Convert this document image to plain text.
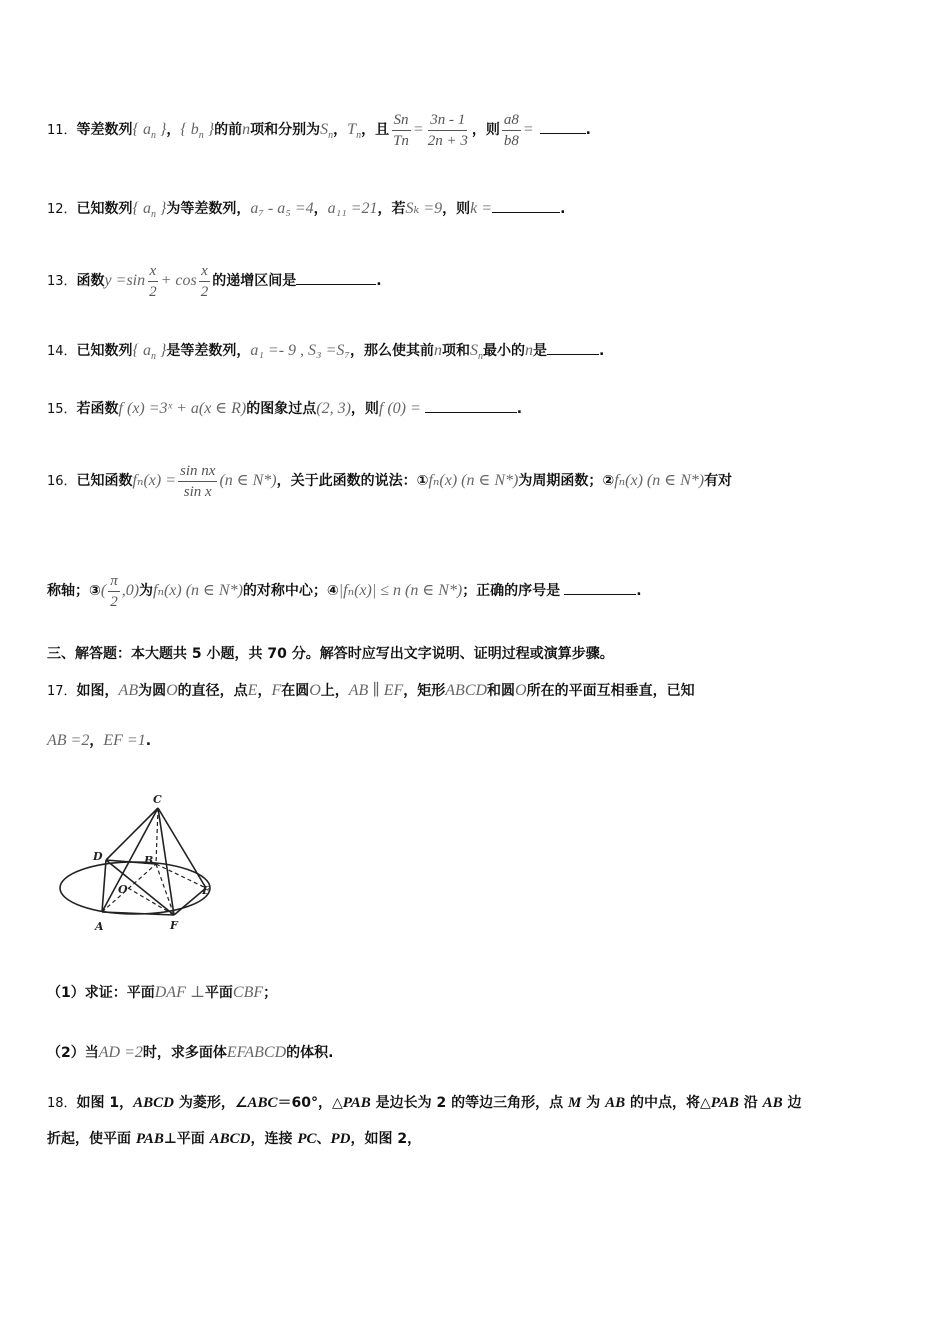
11．等差数列{ $a_n$ }，{ $b_n$ }的前n项和分别为$S_n$，$T_n$，且 $\frac{Sn}{Tn} = \frac{3n - 1}{2n + 3}$ ，则 $\frac{a8}{b8}$ =	.
12．已知数列{ $a_n$ }为等差数列，a₇ - a₅ =4，a₁₁ =21，若Sₖ =9，则k =	.
13．函数$y =\sin \frac{x}{2} + \cos \frac{x}{2}$ 的递增区间是	.
14．已知数列{ $a_n$ }是等差数列，a₁ =- 9 , S₃ =S₇，那么使其前n项和$S_n$最小的n是	.
15．若函数f (x) =3ˣ + a(x ∈ R)的图象过点(2, 3)，则f (0) =	.
16．已知函数$f_n(x) = \frac{\text{sin nx}}{\text{sin x}} (n$ ∈ N*)，关于此函数的说法：①fₙ(x) (n ∈ N*)为周期函数；②fₙ(x) (n ∈ N*)有对
称轴；③( $\frac{\pi}{2} ,0$)为fₙ(x) (n ∈ N*)的对称中心；④|fₙ(x)| ≤ n (n ∈ N*)；正确的序号是	.
三、解答题：本大题共 5 小题，共 70 分。解答时应写出文字说明、证明过程或演算步骤。
17．如图，AB为圆O的直径，点E，F在圆O上，AB ∥ EF，矩形ABCD和圆O所在的平面互相垂直，已知
AB =2，EF =1.
C
D	B
O	E
A	F
（1）求证：平面DAF ⊥平面CBF；
（2）当AD =2时，求多面体EFABCD的体积.
18．如图 1，ABCD 为菱形，∠ABC＝60°，△PAB 是边长为 2 的等边三角形，点 M 为 AB 的中点，将△PAB 沿 AB 边
折起，使平面 PAB⊥平面 ABCD，连接 PC、PD，如图 2，
